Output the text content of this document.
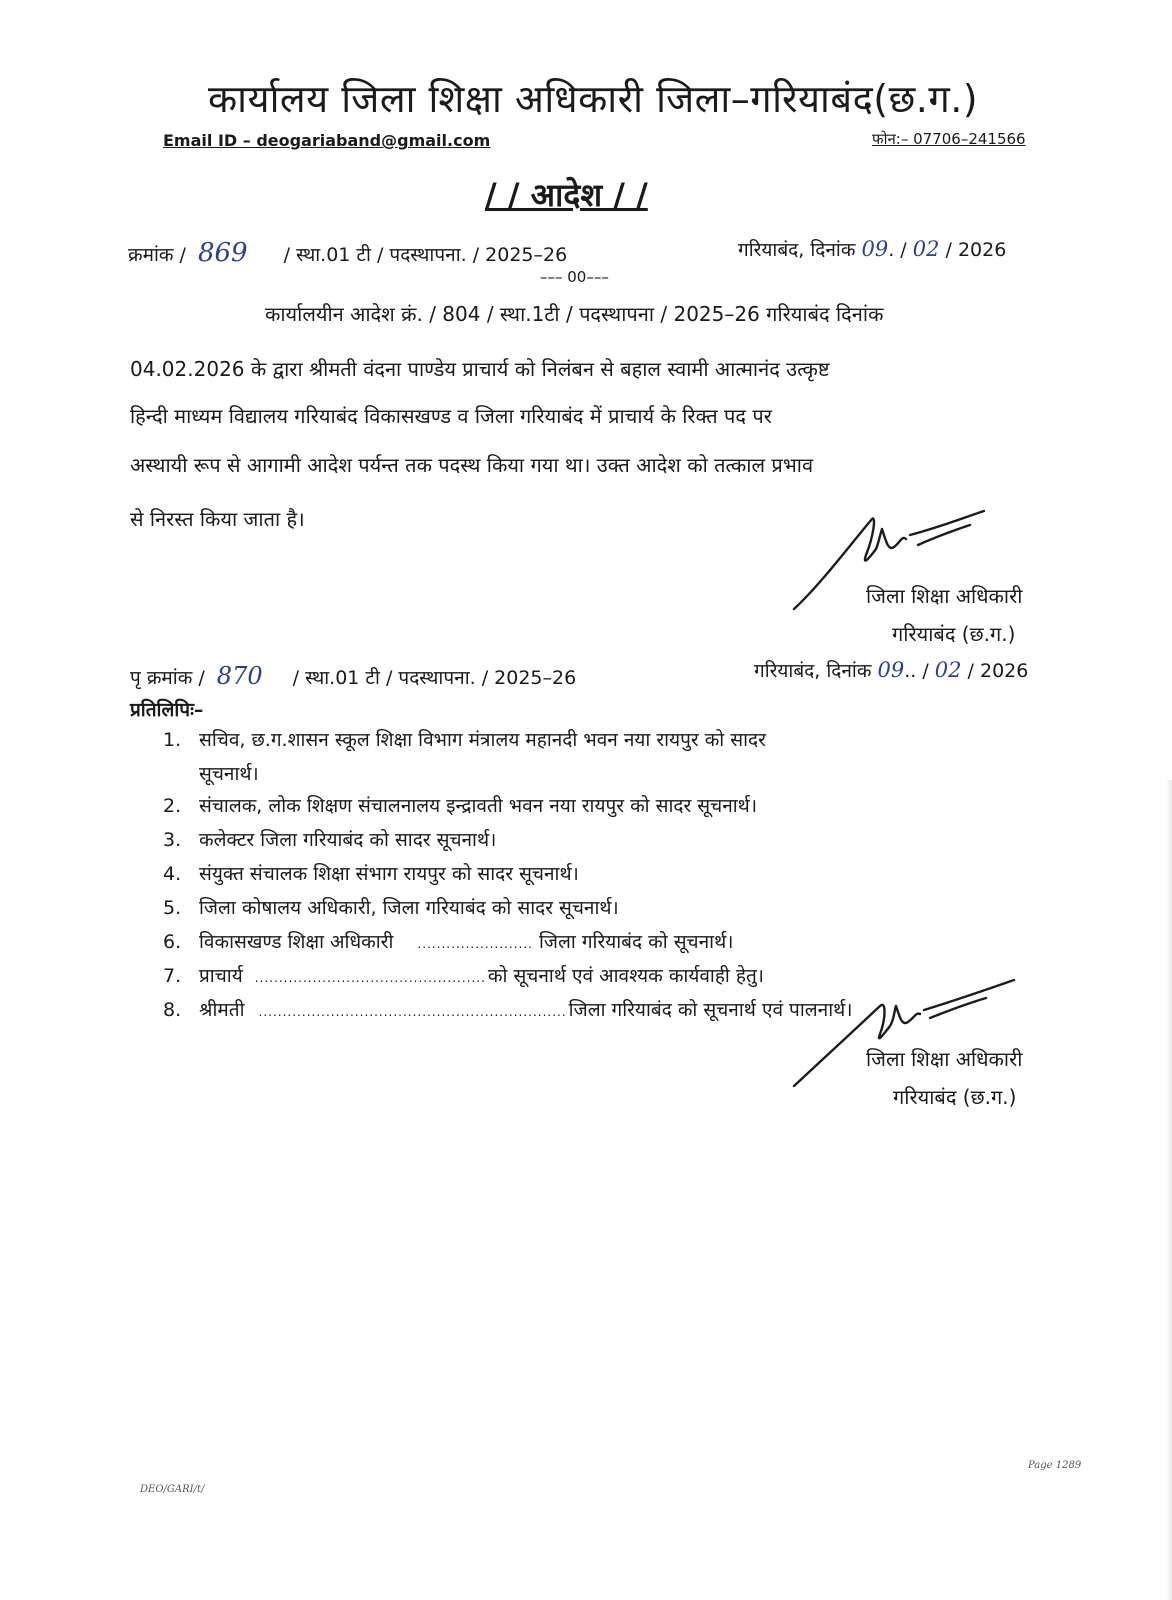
कार्यालय जिला शिक्षा अधिकारी जिला–गरियाबंद(छ.ग.)
Email ID – deogariaband@gmail.com	फोन:– 07706–241566
/ / आदेश / /
क्रमांक / 869 / स्था.01 टी / पदस्थापना. / 2025–26	गरियाबंद, दिनांक 09. / 02 / 2026
––– 00–––
कार्यालयीन आदेश क्रं. / 804 / स्था.1टी / पदस्थापना / 2025–26 गरियाबंद दिनांक
04.02.2026 के द्वारा श्रीमती वंदना पाण्डेय प्राचार्य को निलंबन से बहाल स्वामी आत्मानंद उत्कृष्ट
हिन्दी माध्यम विद्यालय गरियाबंद विकासखण्ड व जिला गरियाबंद में प्राचार्य के रिक्त पद पर
अस्थायी रूप से आगामी आदेश पर्यन्त तक पदस्थ किया गया था। उक्त आदेश को तत्काल प्रभाव
से निरस्त किया जाता है।
जिला शिक्षा अधिकारी
गरियाबंद (छ.ग.)
पृ क्रमांक / 870 / स्था.01 टी / पदस्थापना. / 2025–26	गरियाबंद, दिनांक 09.. / 02 / 2026
प्रतिलिपिः–
1. सचिव, छ.ग.शासन स्कूल शिक्षा विभाग मंत्रालय महानदी भवन नया रायपुर को सादर
सूचनार्थ।
2. संचालक, लोक शिक्षण संचालनालय इन्द्रावती भवन नया रायपुर को सादर सूचनार्थ।
3. कलेक्टर जिला गरियाबंद को सादर सूचनार्थ।
4. संयुक्त संचालक शिक्षा संभाग रायपुर को सादर सूचनार्थ।
5. जिला कोषालय अधिकारी, जिला गरियाबंद को सादर सूचनार्थ।
6. विकासखण्ड शिक्षा अधिकारी ........................ जिला गरियाबंद को सूचनार्थ।
7. प्राचार्य ................................................ को सूचनार्थ एवं आवश्यक कार्यवाही हेतु।
8. श्रीमती ................................................................ जिला गरियाबंद को सूचनार्थ एवं पालनार्थ।
जिला शिक्षा अधिकारी
गरियाबंद (छ.ग.)
Page 1289
DEO/GARI/t/
